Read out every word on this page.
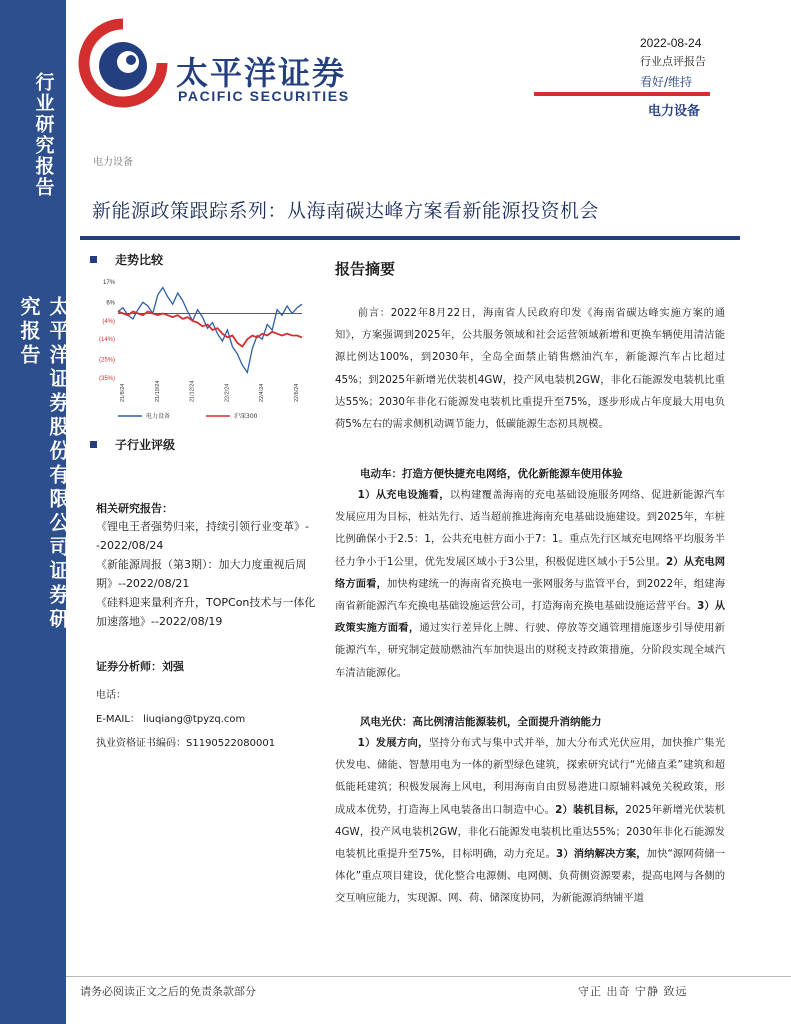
行业研究报告
太平洋证券股份有限公司证券研究报告
太平洋证券
PACIFIC SECURITIES
2022-08-24
行业点评报告
看好/维持
电力设备
电力设备
新能源政策跟踪系列：从海南碳达峰方案看新能源投资机会
走势比较
17%
6%
(4%)
(14%)
(25%)
(35%)
21/8/24	21/10/24	21/12/24	22/2/24	22/4/24	22/6/24
电力设备	沪深300
子行业评级
相关研究报告：
《锂电王者强势归来，持续引领行业变革》--2022/08/24
《新能源周报（第3期）：加大力度重视后周期》--2022/08/21
《硅料迎来量利齐升，TOPCon技术与一体化加速落地》--2022/08/19
证券分析师：刘强
电话：
E-MAIL： liuqiang@tpyzq.com
执业资格证书编码：S1190522080001
报告摘要

前言：2022年8月22日，海南省人民政府印发《海南省碳达峰实施方案的通知》，方案强调到2025年，公共服务领域和社会运营领域新增和更换车辆使用清洁能源比例达100%，到2030年，全岛全面禁止销售燃油汽车，新能源汽车占比超过45%；到2025年新增光伏装机4GW，投产风电装机2GW，非化石能源发电装机比重达55%；2030年非化石能源发电装机比重提升至75%，逐步形成占年度最大用电负荷5%左右的需求侧机动调节能力，低碳能源生态初具规模。

电动车：打造方便快捷充电网络，优化新能源车使用体验

1）从充电设施看，以构建覆盖海南的充电基础设施服务网络、促进新能源汽车发展应用为目标，桩站先行、适当超前推进海南充电基础设施建设。到2025年，车桩比例确保小于2.5：1，公共充电桩方面小于7：1。重点先行区域充电网络平均服务半径力争小于1公里，优先发展区域小于3公里，积极促进区域小于5公里。2）从充电网络方面看，加快构建统一的海南省充换电一张网服务与监管平台，到2022年，组建海南省新能源汽车充换电基础设施运营公司，打造海南充换电基础设施运营平台。3）从政策实施方面看，通过实行差异化上牌、行驶、停放等交通管理措施逐步引导使用新能源汽车，研究制定鼓励燃油汽车加快退出的财税支持政策措施，分阶段实现全域汽车清洁能源化。

风电光伏：高比例清洁能源装机，全面提升消纳能力

1）发展方向，坚持分布式与集中式并举，加大分布式光伏应用，加快推广集光伏发电、储能、智慧用电为一体的新型绿色建筑，探索研究试行“光储直柔”建筑和超低能耗建筑；积极发展海上风电，利用海南自由贸易港进口原辅料减免关税政策，形成成本优势，打造海上风电装备出口制造中心。2）装机目标，2025年新增光伏装机4GW，投产风电装机2GW，非化石能源发电装机比重达55%；2030年非化石能源发电装机比重提升至75%，目标明确，动力充足。3）消纳解决方案，加快“源网荷储一体化”重点项目建设，优化整合电源侧、电网侧、负荷侧资源要素，提高电网与各侧的交互响应能力，实现源、网、荷、储深度协同，为新能源消纳铺平道

请务必阅读正文之后的免责条款部分	守正 出奇 宁静 致远
